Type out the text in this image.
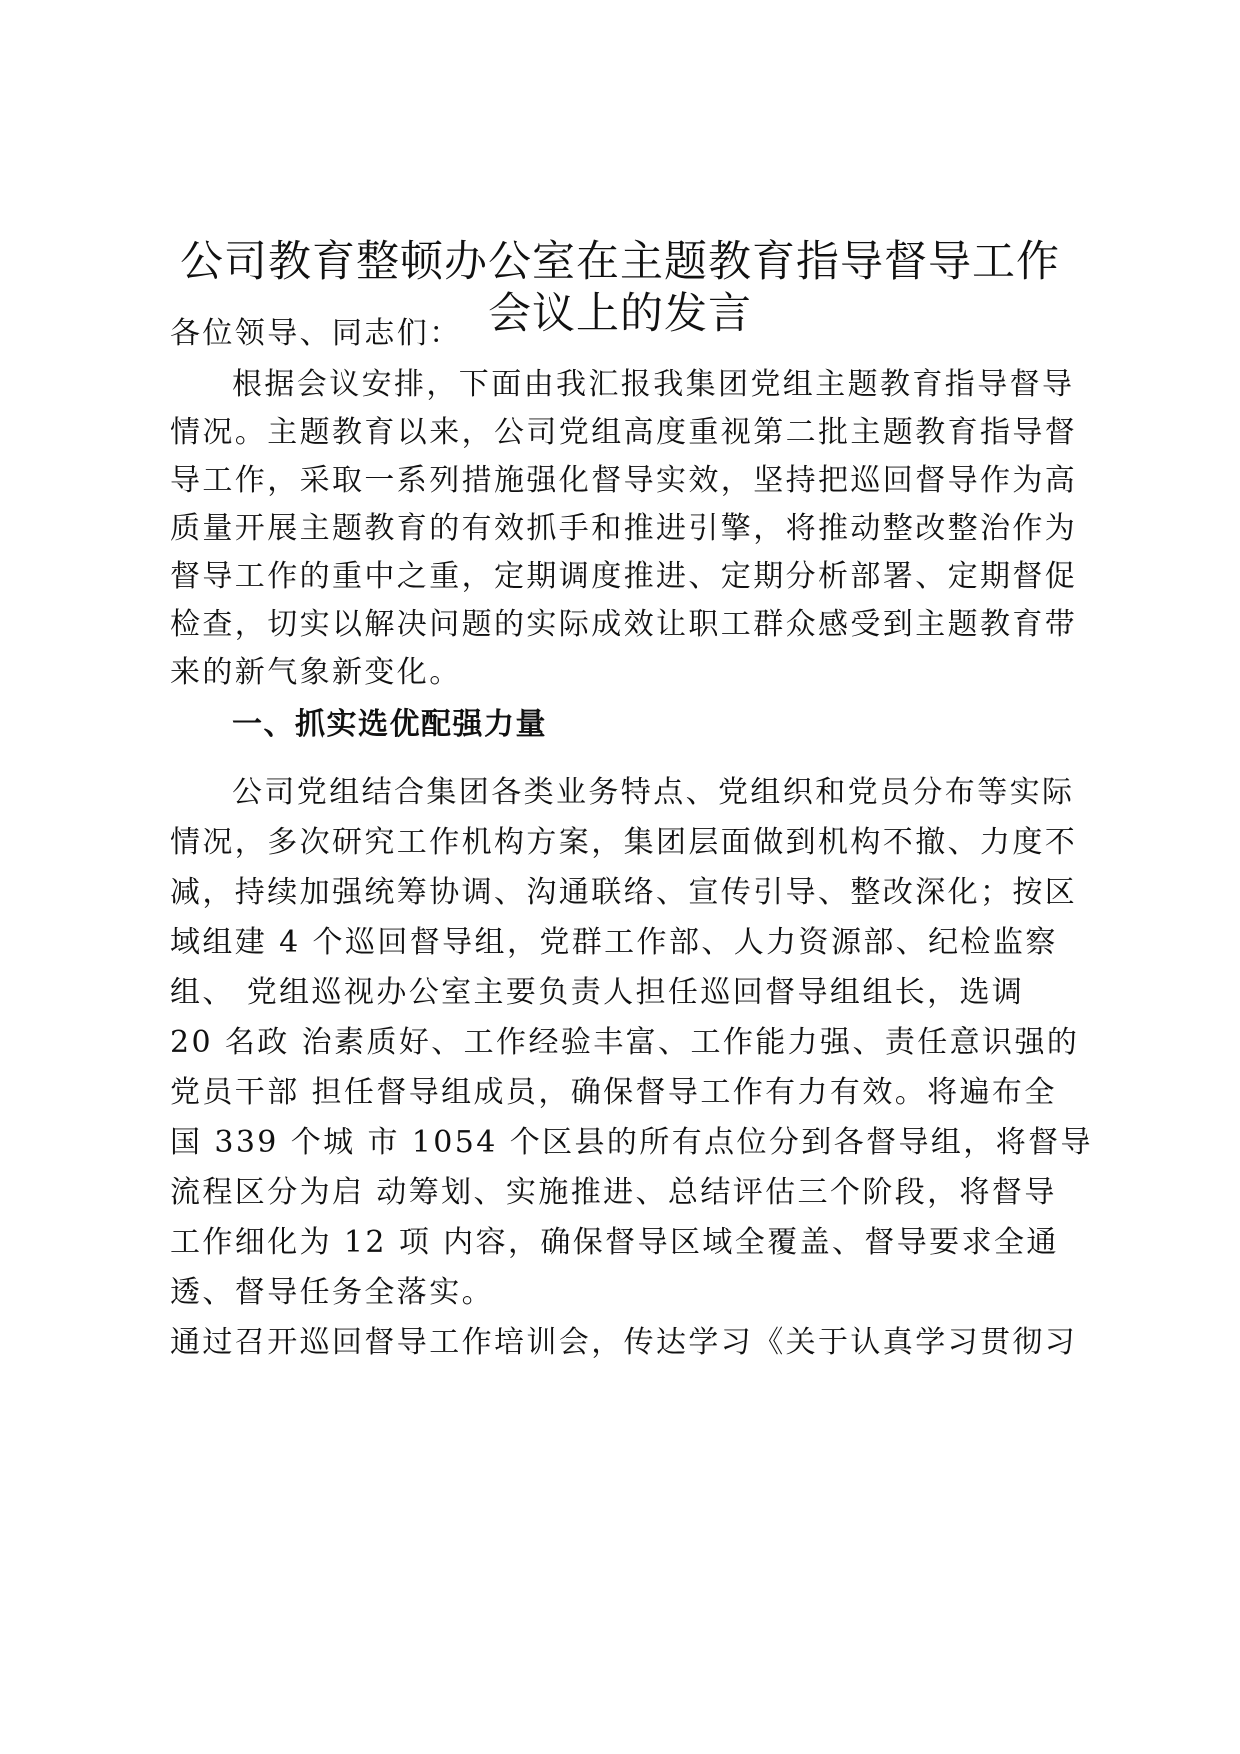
公司教育整顿办公室在主题教育指导督导工作
会议上的发言
各位领导、同志们：
根据会议安排，下面由我汇报我集团党组主题教育指导督导
情况。主题教育以来，公司党组高度重视第二批主题教育指导督
导工作，采取一系列措施强化督导实效，坚持把巡回督导作为高
质量开展主题教育的有效抓手和推进引擎，将推动整改整治作为
督导工作的重中之重，定期调度推进、定期分析部署、定期督促
检查，切实以解决问题的实际成效让职工群众感受到主题教育带
来的新气象新变化。
一、抓实选优配强力量
公司党组结合集团各类业务特点、党组织和党员分布等实际
情况，多次研究工作机构方案，集团层面做到机构不撤、力度不
减，持续加强统筹协调、沟通联络、宣传引导、整改深化；按区
域组建 4 个巡回督导组，党群工作部、人力资源部、纪检监察
组、 党组巡视办公室主要负责人担任巡回督导组组长，选调
20 名政 治素质好、工作经验丰富、工作能力强、责任意识强的
党员干部 担任督导组成员，确保督导工作有力有效。将遍布全
国 339 个城 市 1054 个区县的所有点位分到各督导组，将督导
流程区分为启 动筹划、实施推进、总结评估三个阶段，将督导
工作细化为 12 项 内容，确保督导区域全覆盖、督导要求全通
透、督导任务全落实。
通过召开巡回督导工作培训会，传达学习《关于认真学习贯彻习
